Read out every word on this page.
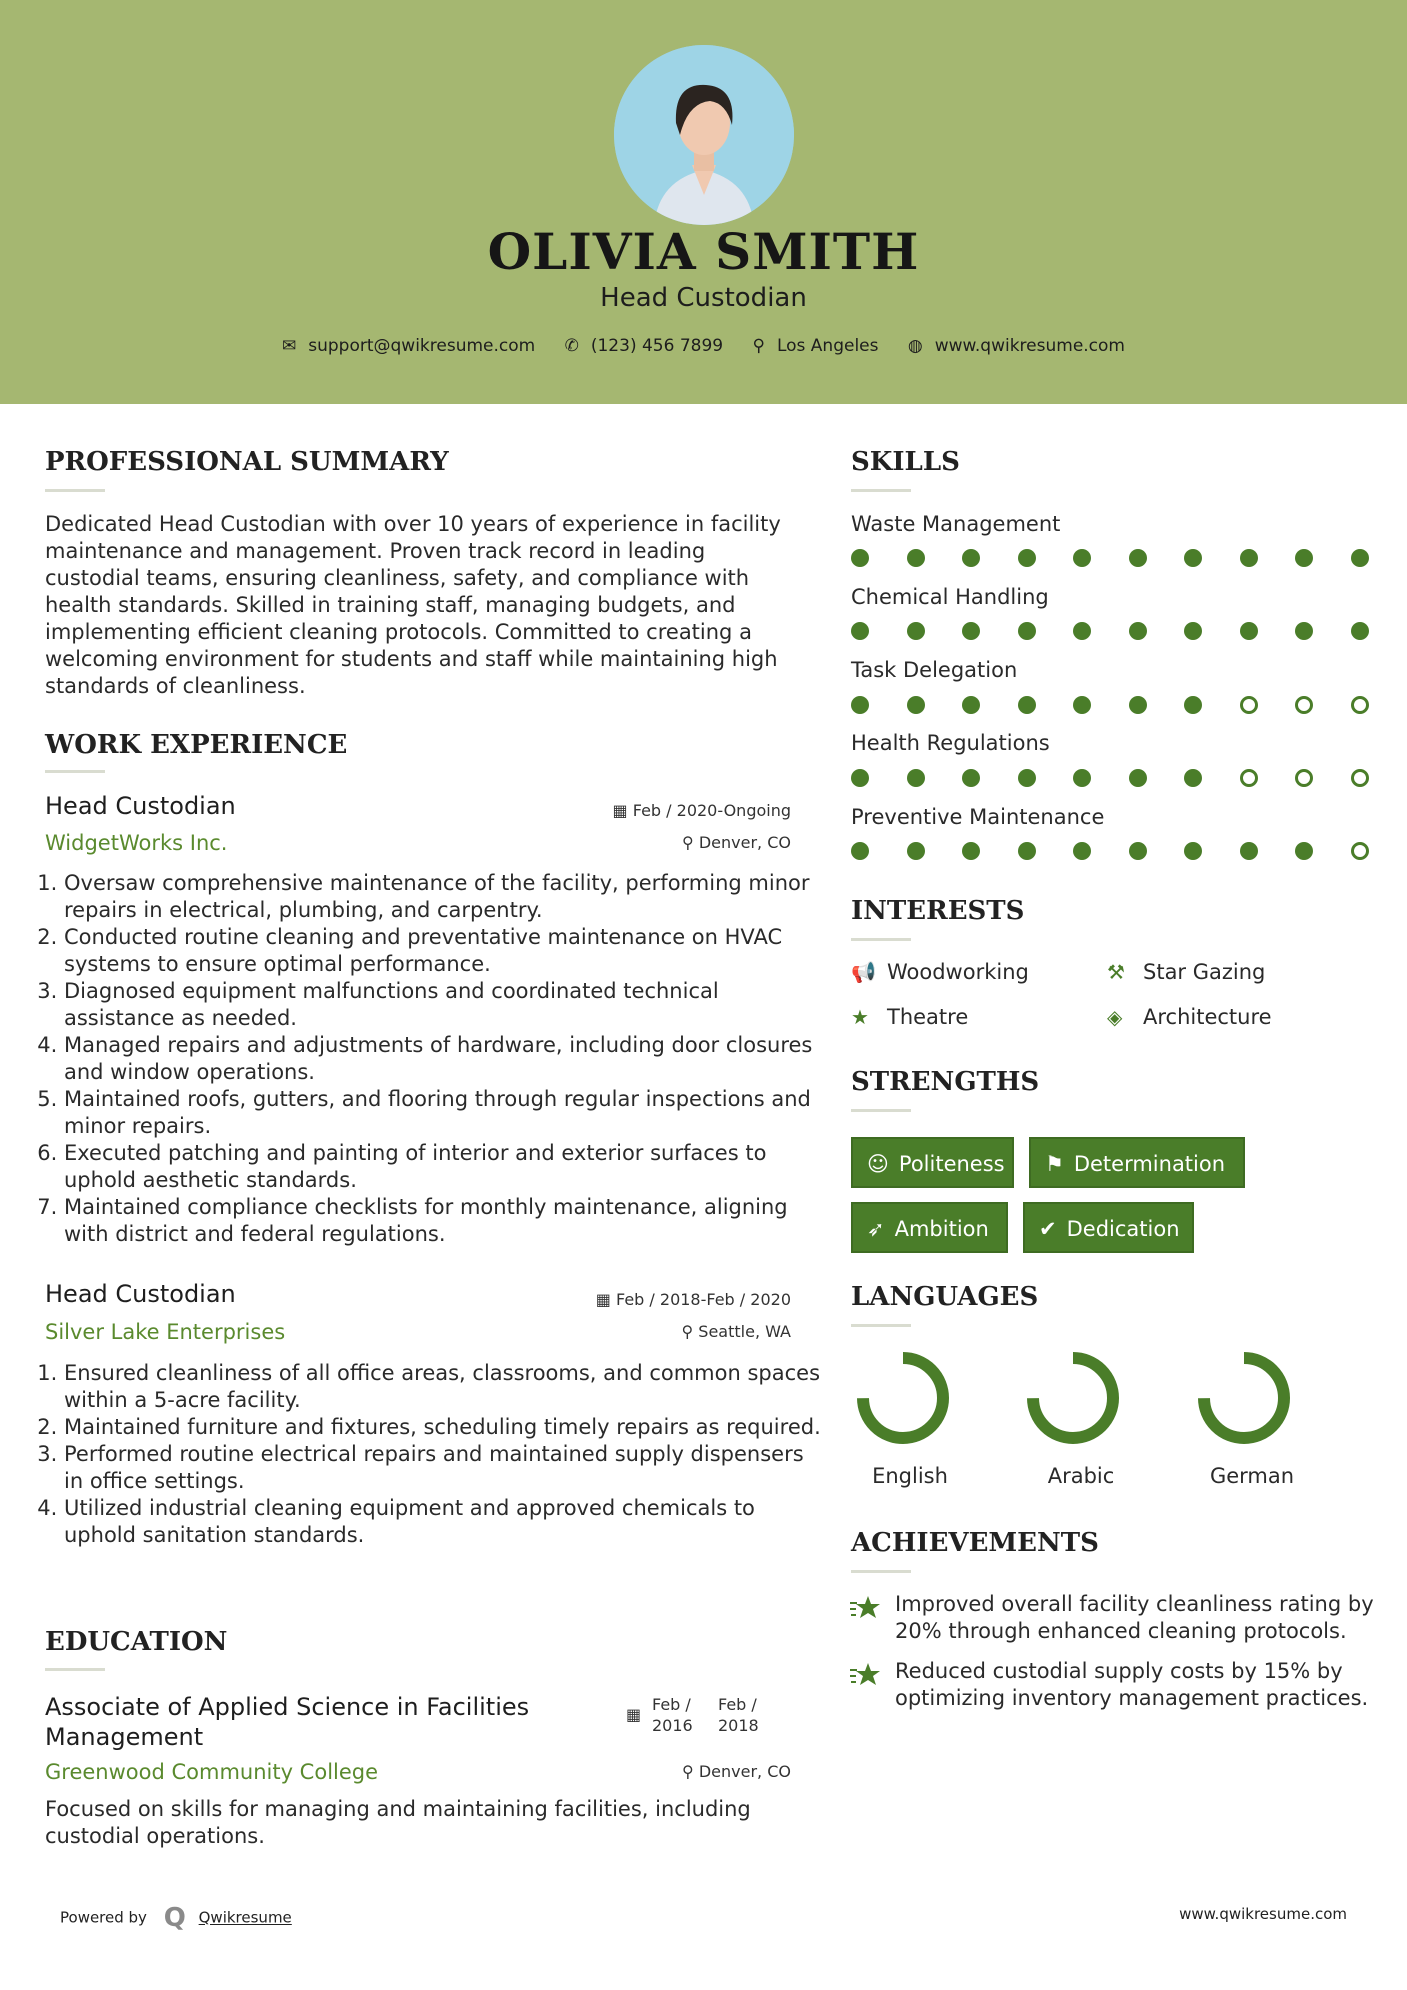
OLIVIA SMITH
Head Custodian
✉ support@qwikresume.com ✆ (123) 456 7899 ⚲ Los Angeles ◍ www.qwikresume.com
PROFESSIONAL SUMMARY
Dedicated Head Custodian with over 10 years of experience in facility maintenance and management. Proven track record in leading custodial teams, ensuring cleanliness, safety, and compliance with health standards. Skilled in training staff, managing budgets, and implementing efficient cleaning protocols. Committed to creating a welcoming environment for students and staff while maintaining high standards of cleanliness.
WORK EXPERIENCE
Head Custodian	▦ Feb / 2020-Ongoing
WidgetWorks Inc.	⚲ Denver, CO
1. Oversaw comprehensive maintenance of the facility, performing minor repairs in electrical, plumbing, and carpentry.
2. Conducted routine cleaning and preventative maintenance on HVAC systems to ensure optimal performance.
3. Diagnosed equipment malfunctions and coordinated technical assistance as needed.
4. Managed repairs and adjustments of hardware, including door closures and window operations.
5. Maintained roofs, gutters, and flooring through regular inspections and minor repairs.
6. Executed patching and painting of interior and exterior surfaces to uphold aesthetic standards.
7. Maintained compliance checklists for monthly maintenance, aligning with district and federal regulations.
Head Custodian	▦ Feb / 2018-Feb / 2020
Silver Lake Enterprises	⚲ Seattle, WA
1. Ensured cleanliness of all office areas, classrooms, and common spaces within a 5-acre facility.
2. Maintained furniture and fixtures, scheduling timely repairs as required.
3. Performed routine electrical repairs and maintained supply dispensers in office settings.
4. Utilized industrial cleaning equipment and approved chemicals to uphold sanitation standards.
EDUCATION
Associate of Applied Science in Facilities
Management
▦
Feb /
2016
Feb /
2018
Greenwood Community College	⚲ Denver, CO
Focused on skills for managing and maintaining facilities, including custodial operations.
SKILLS
Waste Management
Chemical Handling
Task Delegation
Health Regulations
Preventive Maintenance
INTERESTS
📢 Woodworking	⚒ Star Gazing
★ Theatre	◈ Architecture
STRENGTHS
☺ Politeness	⚑ Determination
➶ Ambition	✔ Dedication
LANGUAGES
English	Arabic	German
ACHIEVEMENTS
Improved overall facility cleanliness rating by 20% through enhanced cleaning protocols.
Reduced custodial supply costs by 15% by optimizing inventory management practices.
Powered by Q Qwikresume	www.qwikresume.com
